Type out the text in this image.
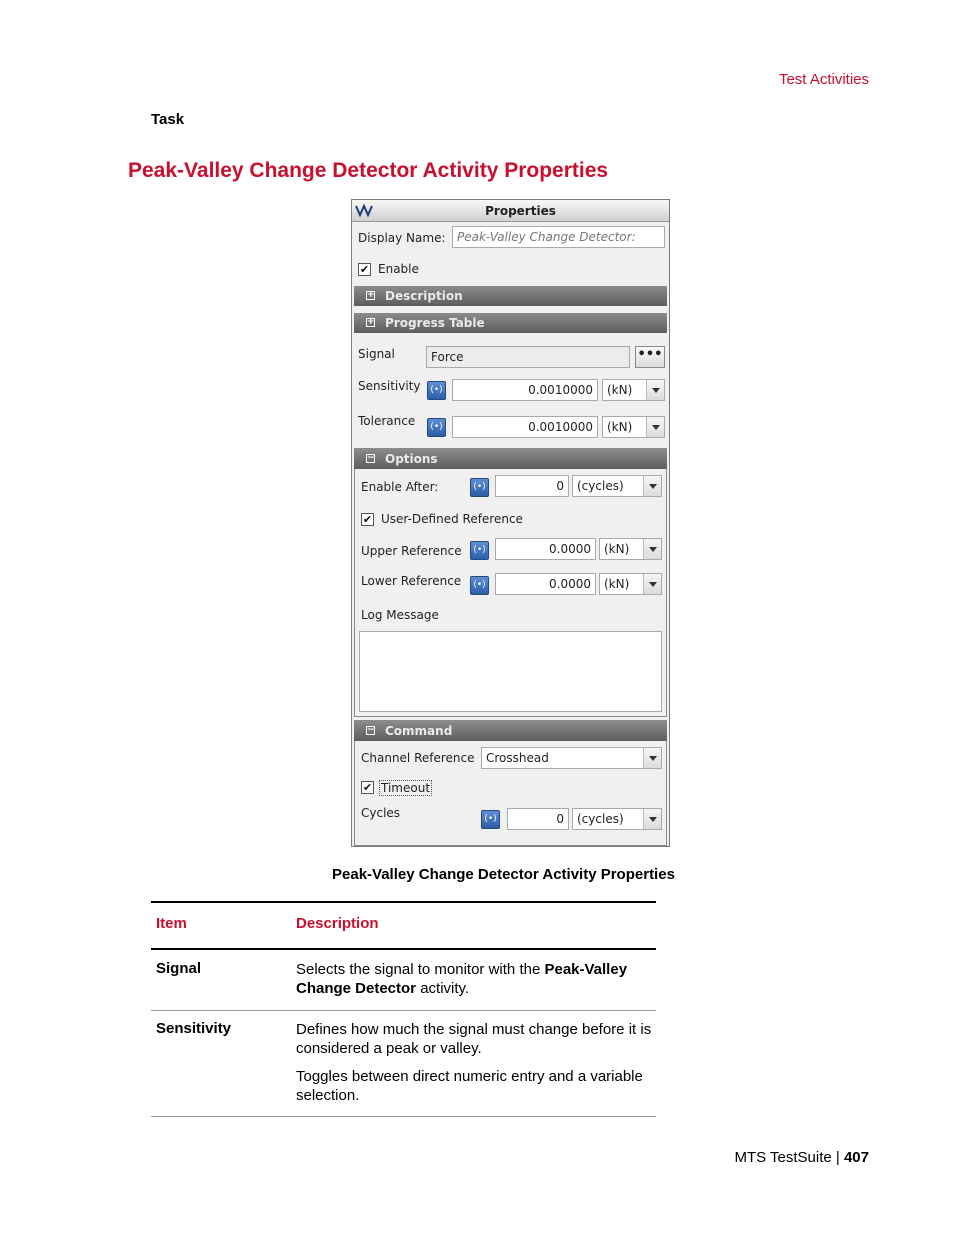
Test Activities
Task
Peak-Valley Change Detector Activity Properties
Properties
Display Name: Peak-Valley Change Detector:
✔ Enable
+ Description
+ Progress Table
Signal	Force	•••
Sensitivity	(•)	0.0010000	(kN)
Tolerance	(•)	0.0010000	(kN)
− Options
Enable After:	(•)	0	(cycles)
✔ User-Defined Reference
Upper Reference	(•)	0.0000	(kN)
Lower Reference	(•)	0.0000	(kN)
Log Message
− Command
Channel Reference Crosshead
✔ Timeout
Cycles	(•)	0	(cycles)
Peak-Valley Change Detector Activity Properties
Item	Description
Signal	Selects the signal to monitor with the Peak-Valley Change Detector activity.
Sensitivity	Defines how much the signal must change before it is considered a peak or valley.
Toggles between direct numeric entry and a variable selection.
MTS TestSuite | 407
